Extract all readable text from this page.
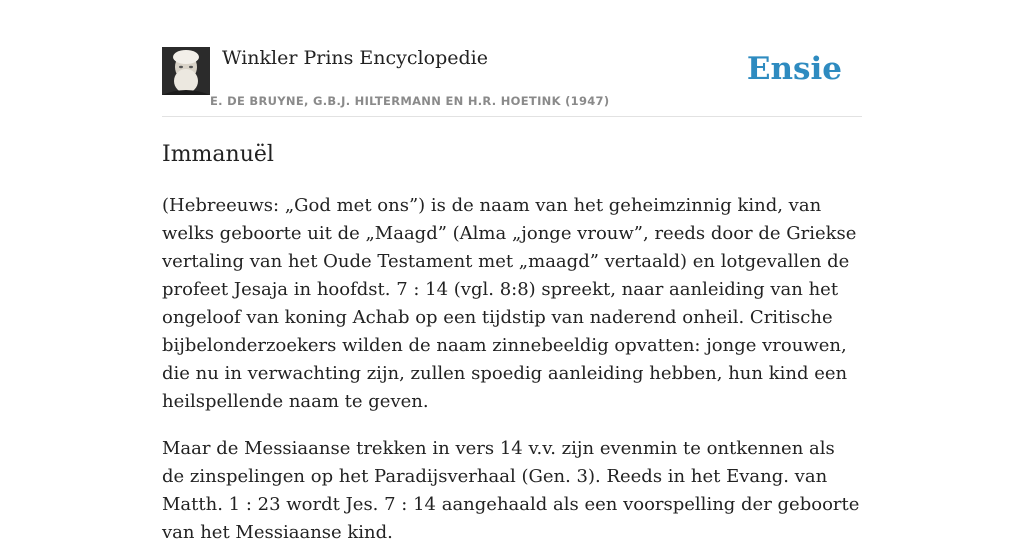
Winkler Prins Encyclopedie
E. DE BRUYNE, G.B.J. HILTERMANN EN H.R. HOETINK (1947)
Ensie
Immanuël

(Hebreeuws: „God met ons”) is de naam van het geheimzinnig kind, van welks geboorte uit de „Maagd” (Alma „jonge vrouw”, reeds door de Griekse vertaling van het Oude Testament met „maagd” vertaald) en lotgevallen de profeet Jesaja in hoofdst. 7 : 14 (vgl. 8:8) spreekt, naar aanleiding van het ongeloof van koning Achab op een tijdstip van naderend onheil. Critische bijbelonderzoekers wilden de naam zinnebeeldig opvatten: jonge vrouwen, die nu in verwachting zijn, zullen spoedig aanleiding hebben, hun kind een heilspellende naam te geven.

Maar de Messiaanse trekken in vers 14 v.v. zijn evenmin te ontkennen als de zinspelingen op het Paradijsverhaal (Gen. 3). Reeds in het Evang. van Matth. 1 : 23 wordt Jes. 7 : 14 aangehaald als een voorspelling der geboorte van het Messiaanse kind.
